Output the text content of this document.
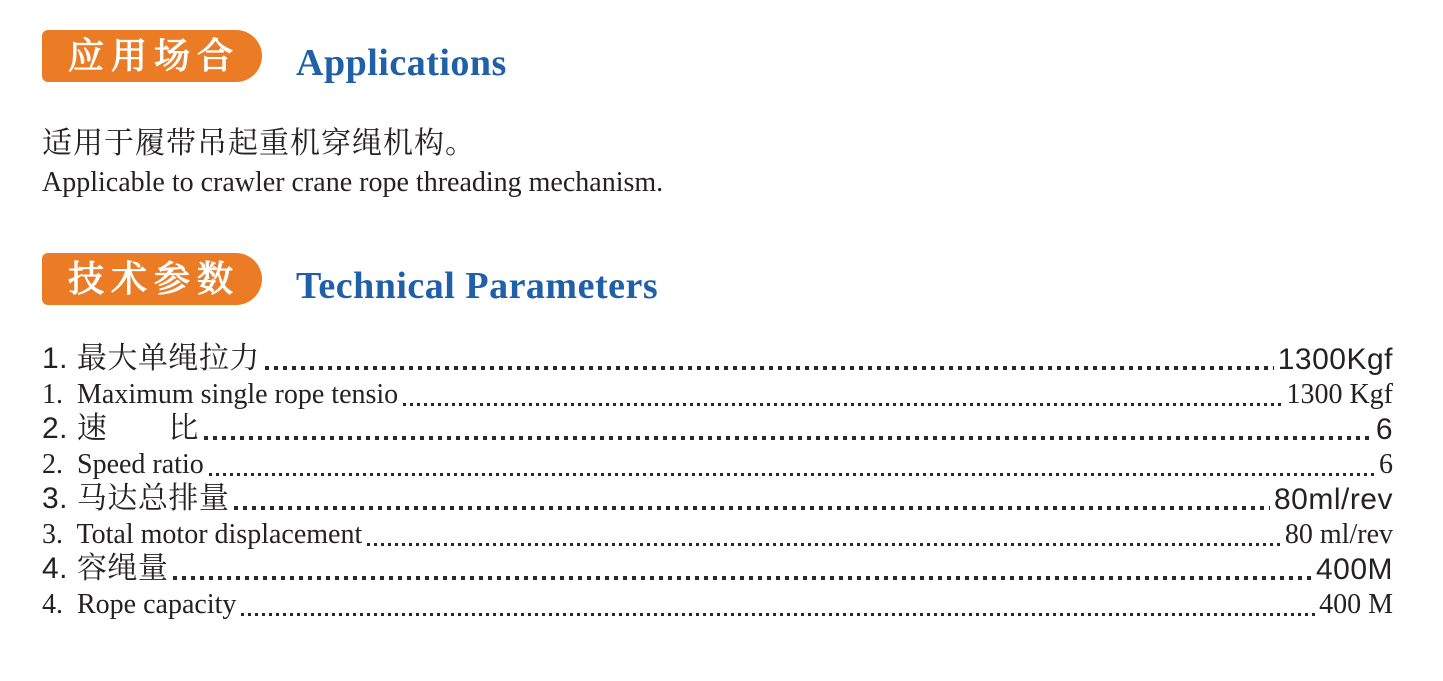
应用场合	Applications

适用于履带吊起重机穿绳机构。

Applicable to crawler crane rope threading mechanism.

技术参数	Technical Parameters
1. 最大单绳拉力	1300Kgf
1.  Maximum single rope tensio	1300 Kgf
2. 速　　比	6
2.  Speed ratio	6
3. 马达总排量	80ml/rev
3.  Total motor displacement	80 ml/rev
4. 容绳量	400M
4.  Rope capacity	400 M
